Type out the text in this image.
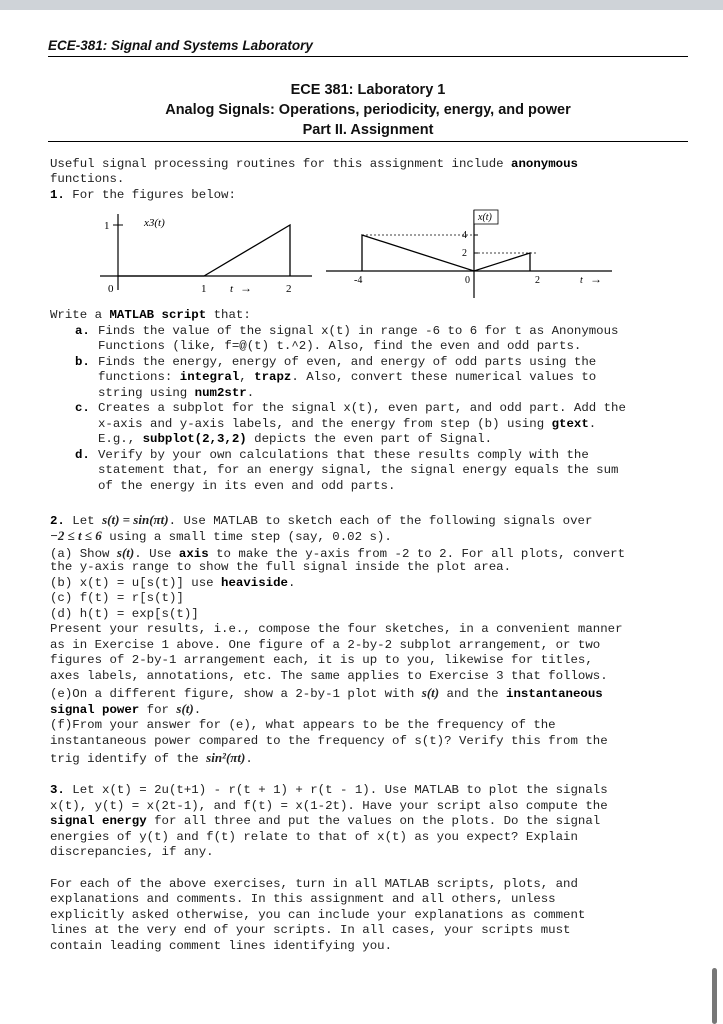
ECE-381: Signal and Systems Laboratory
ECE 381: Laboratory 1
Analog Signals: Operations, periodicity, energy, and power
Part II. Assignment
Useful signal processing routines for this assignment include anonymous
functions.
1. For the figures below:
1	x3(t)
0	1	2
t →
x(t)
4
2
-4	0	2	t →
Write a MATLAB script that:
a. Finds the value of the signal x(t) in range -6 to 6 for t as Anonymous
Functions (like, f=@(t) t.^2). Also, find the even and odd parts.
b. Finds the energy, energy of even, and energy of odd parts using the
functions: integral, trapz. Also, convert these numerical values to
string using num2str.
c. Creates a subplot for the signal x(t), even part, and odd part. Add the
x-axis and y-axis labels, and the energy from step (b) using gtext.
E.g., subplot(2,3,2) depicts the even part of Signal.
d. Verify by your own calculations that these results comply with the
statement that, for an energy signal, the signal energy equals the sum
of the energy in its even and odd parts.
2. Let s(t) = sin(πt). Use MATLAB to sketch each of the following signals over
−2 ≤ t ≤ 6 using a small time step (say, 0.02 s).
(a) Show s(t). Use axis to make the y-axis from -2 to 2. For all plots, convert
the y-axis range to show the full signal inside the plot area.
(b) x(t) = u[s(t)] use heaviside.
(c) f(t) = r[s(t)]
(d) h(t) = exp[s(t)]
Present your results, i.e., compose the four sketches, in a convenient manner
as in Exercise 1 above. One figure of a 2-by-2 subplot arrangement, or two
figures of 2-by-1 arrangement each, it is up to you, likewise for titles,
axes labels, annotations, etc. The same applies to Exercise 3 that follows.
(e)On a different figure, show a 2-by-1 plot with s(t) and the instantaneous
signal power for s(t).
(f)From your answer for (e), what appears to be the frequency of the
instantaneous power compared to the frequency of s(t)? Verify this from the
trig identify of the sin²(πt).
3. Let x(t) = 2u(t+1) - r(t + 1) + r(t - 1). Use MATLAB to plot the signals
x(t), y(t) = x(2t-1), and f(t) = x(1-2t). Have your script also compute the
signal energy for all three and put the values on the plots. Do the signal
energies of y(t) and f(t) relate to that of x(t) as you expect? Explain
discrepancies, if any.
For each of the above exercises, turn in all MATLAB scripts, plots, and
explanations and comments. In this assignment and all others, unless
explicitly asked otherwise, you can include your explanations as comment
lines at the very end of your scripts. In all cases, your scripts must
contain leading comment lines identifying you.
